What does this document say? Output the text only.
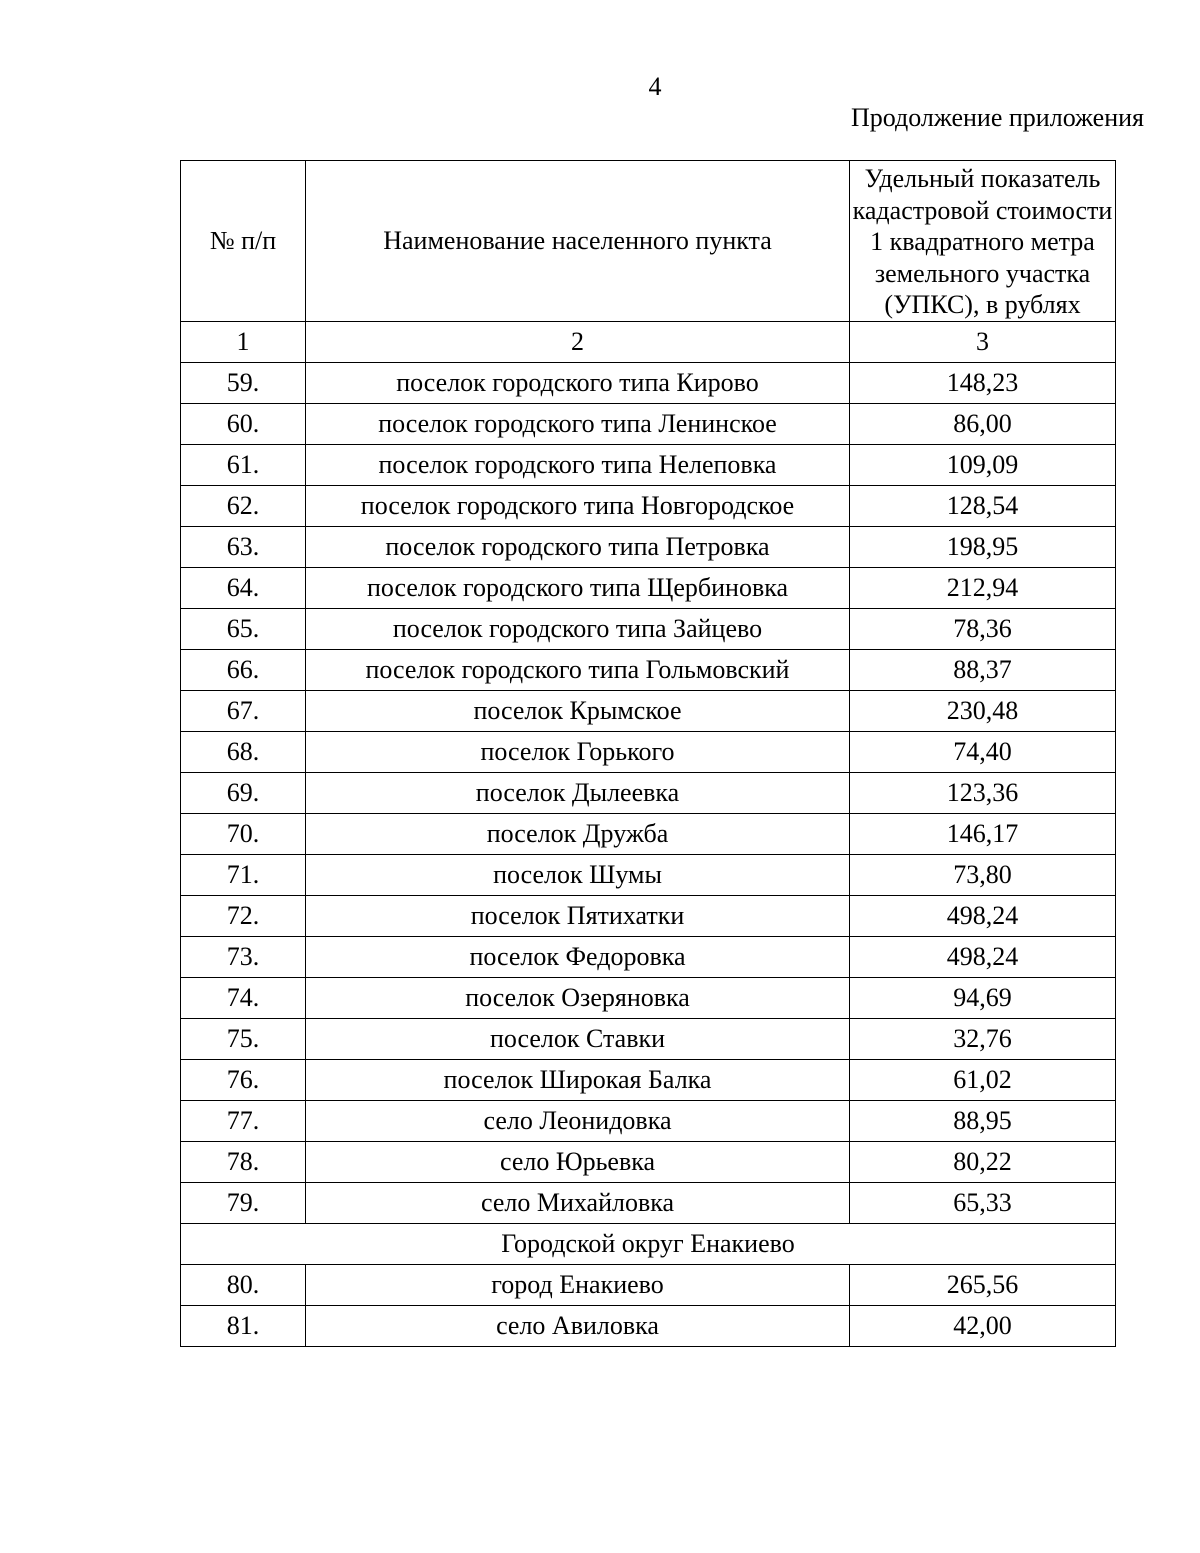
4
Продолжение приложения
№ п/п	Наименование населенного пункта	Удельный показатель кадастровой стоимости 1 квадратного метра земельного участка (УПКС), в рублях
1	2	3
59.	поселок городского типа Кирово	148,23
60.	поселок городского типа Ленинское	86,00
61.	поселок городского типа Нелеповка	109,09
62.	поселок городского типа Новгородское	128,54
63.	поселок городского типа Петровка	198,95
64.	поселок городского типа Щербиновка	212,94
65.	поселок городского типа Зайцево	78,36
66.	поселок городского типа Гольмовский	88,37
67.	поселок Крымское	230,48
68.	поселок Горького	74,40
69.	поселок Дылеевка	123,36
70.	поселок Дружба	146,17
71.	поселок Шумы	73,80
72.	поселок Пятихатки	498,24
73.	поселок Федоровка	498,24
74.	поселок Озеряновка	94,69
75.	поселок Ставки	32,76
76.	поселок Широкая Балка	61,02
77.	село Леонидовка	88,95
78.	село Юрьевка	80,22
79.	село Михайловка	65,33
Городской округ Енакиево		
80.	город Енакиево	265,56
81.	село Авиловка	42,00
